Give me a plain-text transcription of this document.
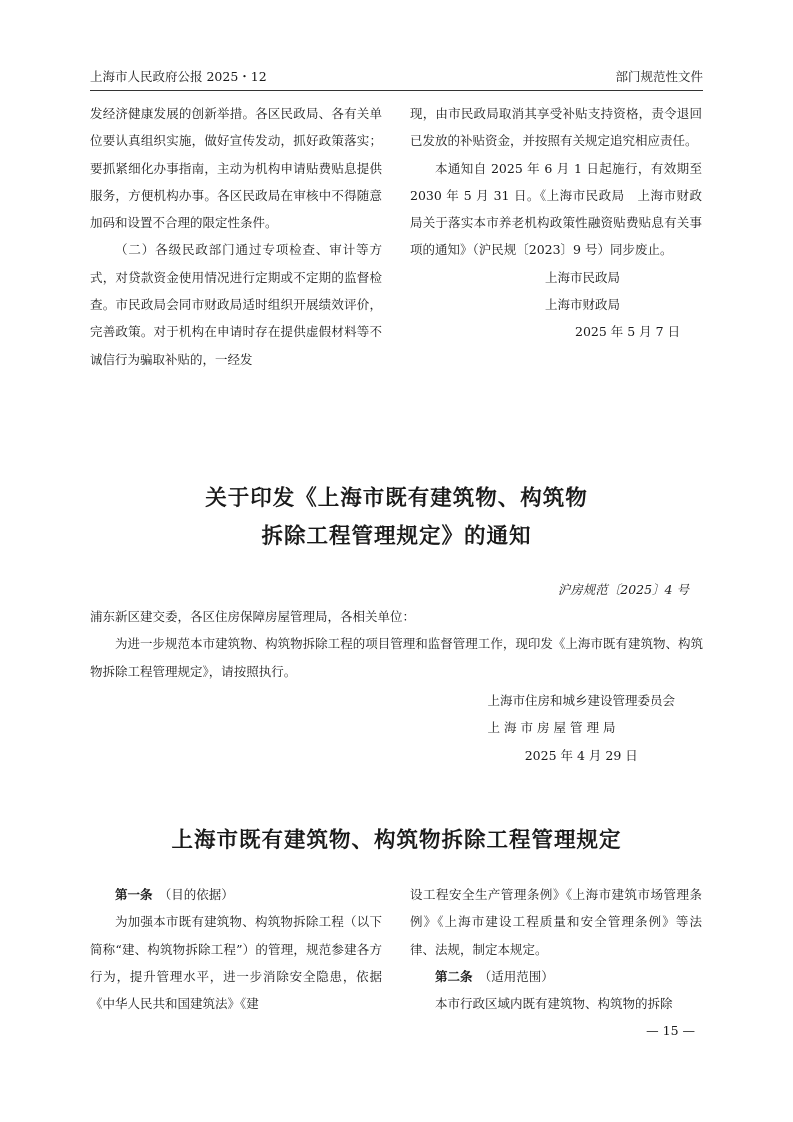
上海市人民政府公报 2025・12	部门规范性文件

发经济健康发展的创新举措。各区民政局、各有关单位要认真组织实施，做好宣传发动，抓好政策落实；要抓紧细化办事指南，主动为机构申请贴费贴息提供服务，方便机构办事。各区民政局在审核中不得随意加码和设置不合理的限定性条件。

（二）各级民政部门通过专项检查、审计等方式，对贷款资金使用情况进行定期或不定期的监督检查。市民政局会同市财政局适时组织开展绩效评价，完善政策。对于机构在申请时存在提供虚假材料等不诚信行为骗取补贴的，一经发

现，由市民政局取消其享受补贴支持资格，责令退回已发放的补贴资金，并按照有关规定追究相应责任。

本通知自 2025 年 6 月 1 日起施行，有效期至 2030 年 5 月 31 日。《上海市民政局　上海市财政局关于落实本市养老机构政策性融资贴费贴息有关事项的通知》（沪民规〔2023〕9 号）同步废止。

上海市民政局
上海市财政局
2025 年 5 月 7 日
关于印发《上海市既有建筑物、构筑物
拆除工程管理规定》的通知
沪房规范〔2025〕4 号

浦东新区建交委，各区住房保障房屋管理局，各相关单位：

为进一步规范本市建筑物、构筑物拆除工程的项目管理和监督管理工作，现印发《上海市既有建筑物、构筑物拆除工程管理规定》，请按照执行。

上海市住房和城乡建设管理委员会
上 海 市 房 屋 管 理 局
2025 年 4 月 29 日
上海市既有建筑物、构筑物拆除工程管理规定

第一条　 （目的依据）

为加强本市既有建筑物、构筑物拆除工程（以下简称“建、构筑物拆除工程”）的管理，规范参建各方行为，提升管理水平，进一步消除安全隐患，依据《中华人民共和国建筑法》《建

设工程安全生产管理条例》《上海市建筑市场管理条例》《上海市建设工程质量和安全管理条例》等法律、法规，制定本规定。

第二条　 （适用范围）

本市行政区域内既有建筑物、构筑物的拆除

— 15 —
